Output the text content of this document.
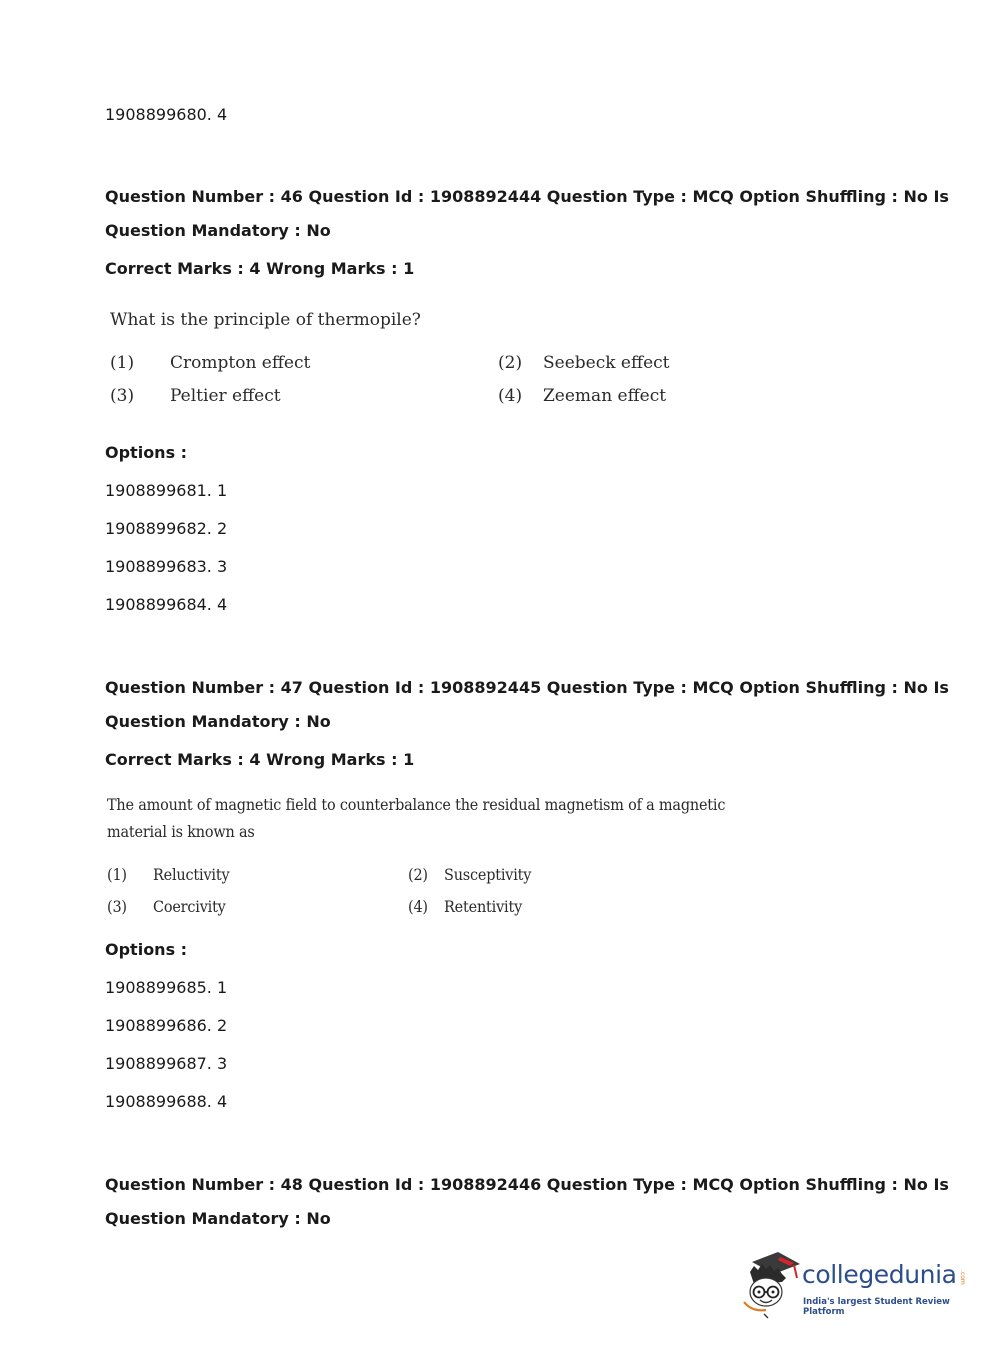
1908899680. 4
Question Number : 46 Question Id : 1908892444 Question Type : MCQ Option Shuffling : No Is
Question Mandatory : No
Correct Marks : 4 Wrong Marks : 1
What is the principle of thermopile?
(1) Crompton effect	(2) Seebeck effect
(3) Peltier effect	(4) Zeeman effect
Options :
1908899681. 1
1908899682. 2
1908899683. 3
1908899684. 4
Question Number : 47 Question Id : 1908892445 Question Type : MCQ Option Shuffling : No Is
Question Mandatory : No
Correct Marks : 4 Wrong Marks : 1
The amount of magnetic field to counterbalance the residual magnetism of a magnetic
material is known as
(1) Reluctivity	(2) Susceptivity
(3) Coercivity	(4) Retentivity
Options :
1908899685. 1
1908899686. 2
1908899687. 3
1908899688. 4
Question Number : 48 Question Id : 1908892446 Question Type : MCQ Option Shuffling : No Is
Question Mandatory : No
collegedunia .com
India's largest Student Review Platform
